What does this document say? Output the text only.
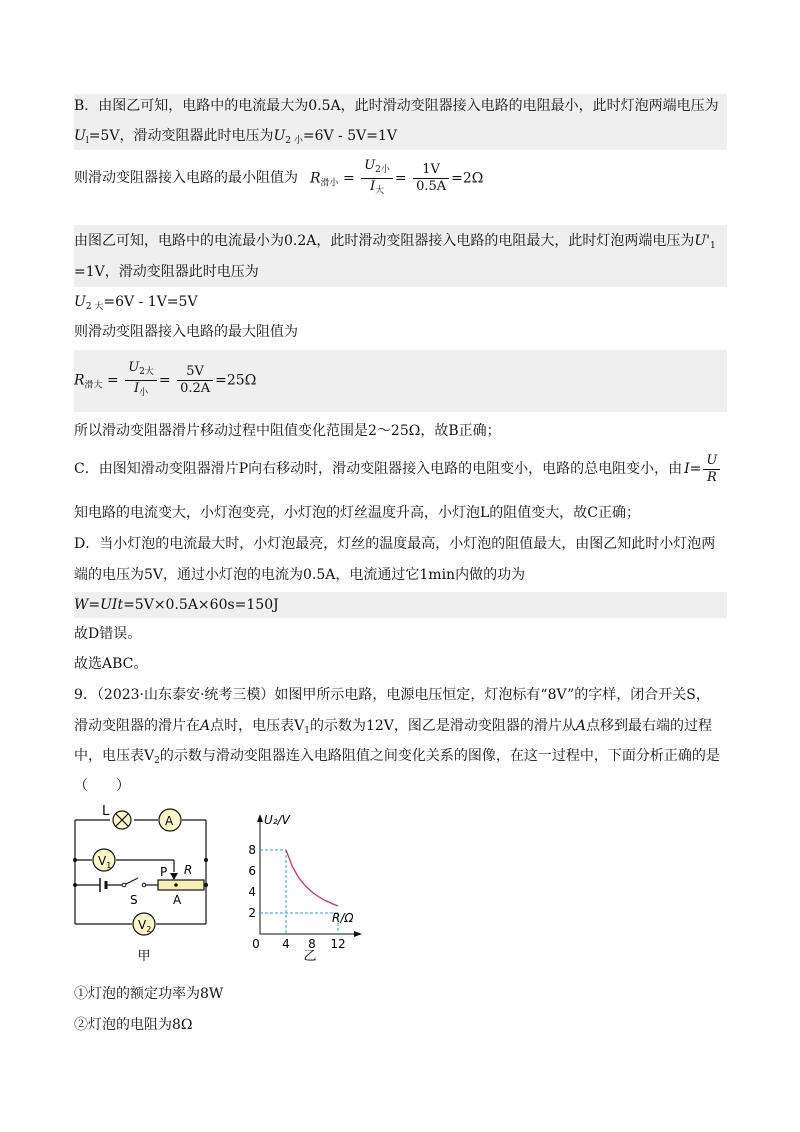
B．由图乙可知，电路中的电流最大为0.5A，此时滑动变阻器接入电路的电阻最小，此时灯泡两端电压为
$U_l=5V$，滑动变阻器此时电压为$U_{2 小}=6V - 5V=1V$
则滑动变阻器接入电路的最小阻值为 $R_{滑小} = \frac{U_{2小}}{I_大} = \frac{1V}{0.5A} =2\Omega$
由图乙可知，电路中的电流最小为0.2A，此时滑动变阻器接入电路的电阻最大，此时灯泡两端电压为$U'_1$
=1V，滑动变阻器此时电压为
$U_{2 大}=6V - 1V=5V$
则滑动变阻器接入电路的最大阻值为
$R_{滑大} = \frac{U_{2大}}{I_小} = \frac{5V}{0.2A} =25\Omega$
所以滑动变阻器滑片移动过程中阻值变化范围是2～25Ω，故B正确；
C．由图知滑动变阻器滑片P向右移动时，滑动变阻器接入电路的电阻变小，电路的总电阻变小，由 $I = \frac{U}{R}$
知电路的电流变大，小灯泡变亮，小灯泡的灯丝温度升高，小灯泡L的阻值变大，故C正确；
D．当小灯泡的电流最大时，小灯泡最亮，灯丝的温度最高，小灯泡的阻值最大，由图乙知此时小灯泡两
端的电压为5V，通过小灯泡的电流为0.5A，电流通过它1min内做的功为
W=UIt=5V×0.5A×60s=150J
故D错误。
故选ABC。
9．（2023·山东泰安·统考三模）如图甲所示电路，电源电压恒定，灯泡标有“8V”的字样，闭合开关S，
滑动变阻器的滑片在A点时，电压表$V_1$的示数为12V，图乙是滑动变阻器的滑片从A点移到最右端的过程
中，电压表$V_2$的示数与滑动变阻器连入电路阻值之间变化关系的图像，在这一过程中，下面分析正确的是
（　　）
L
A
$V_1$
$V_2$
P R
S	A
甲
0 4 8 12
2
4
6
8
U₂/V
R/Ω
乙
①灯泡的额定功率为8W
②灯泡的电阻为8Ω
